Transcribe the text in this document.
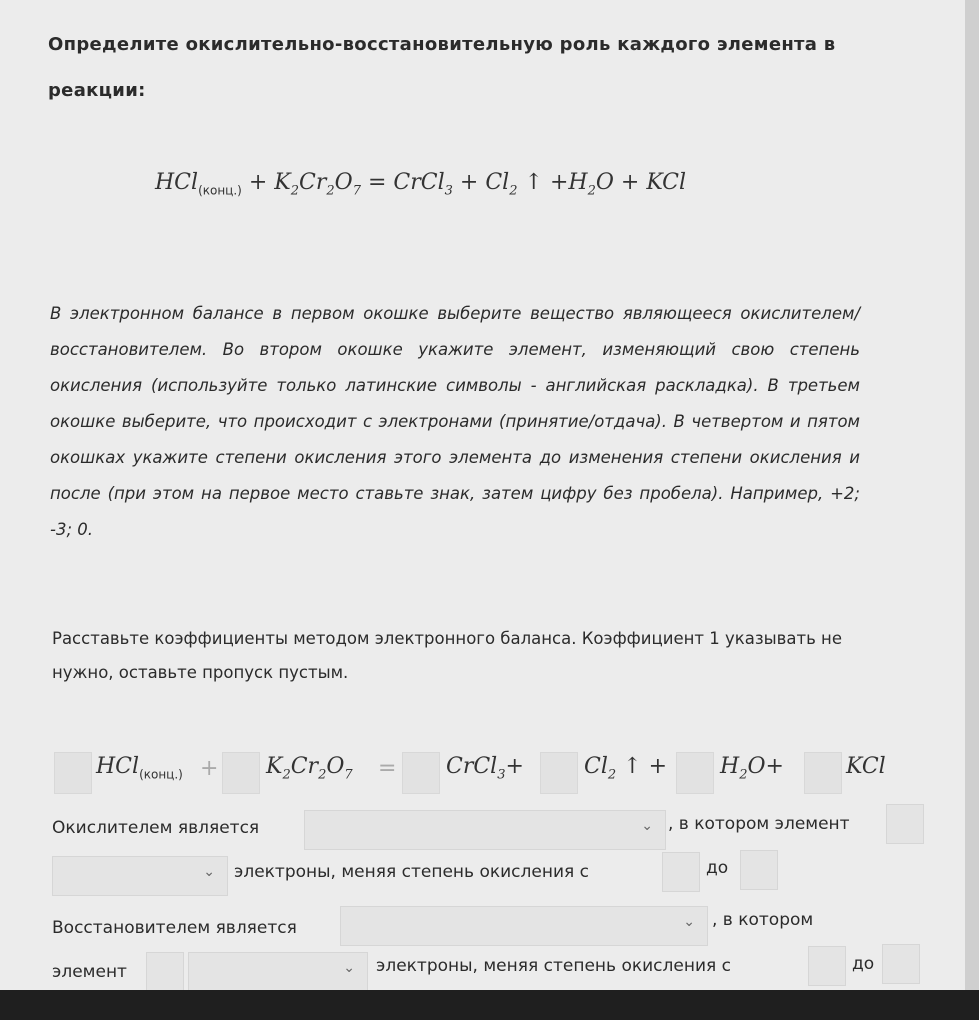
Определите окислительно-восстановительную роль каждого элемента в реакции:
$HCl_{(конц.)} + K_2Cr_2O_7$ = CrCl$_3$ + $Cl_2$ ↑ $+H_2O$ + KCl
В электронном балансе в первом окошке выберите вещество являющееся окислителем/восстановителем. Во втором окошке укажите элемент, изменяющий свою степень окисления (используйте только латинские символы - английская раскладка). В третьем окошке выберите, что происходит с электронами (принятие/отдача). В четвертом и пятом окошках укажите степени окисления этого элемента до изменения степени окисления и после (при этом на первое место ставьте знак, затем цифру без пробела). Например, +2; -3; 0.
Расставьте коэффициенты методом электронного баланса. Коэффициент 1 указывать не нужно, оставьте пропуск пустым.
$HCl_{(конц.)} + K_2Cr_2O_7$ = CrCl$_3$+	$Cl_2$ ↑ + $H_2O+$	KCl
Окислителем является	⌄ , в котором элемент
⌄ электроны, меняя степень окисления с	до
Восстановителем является	⌄ , в котором
элемент	⌄ электроны, меняя степень окисления с	до
